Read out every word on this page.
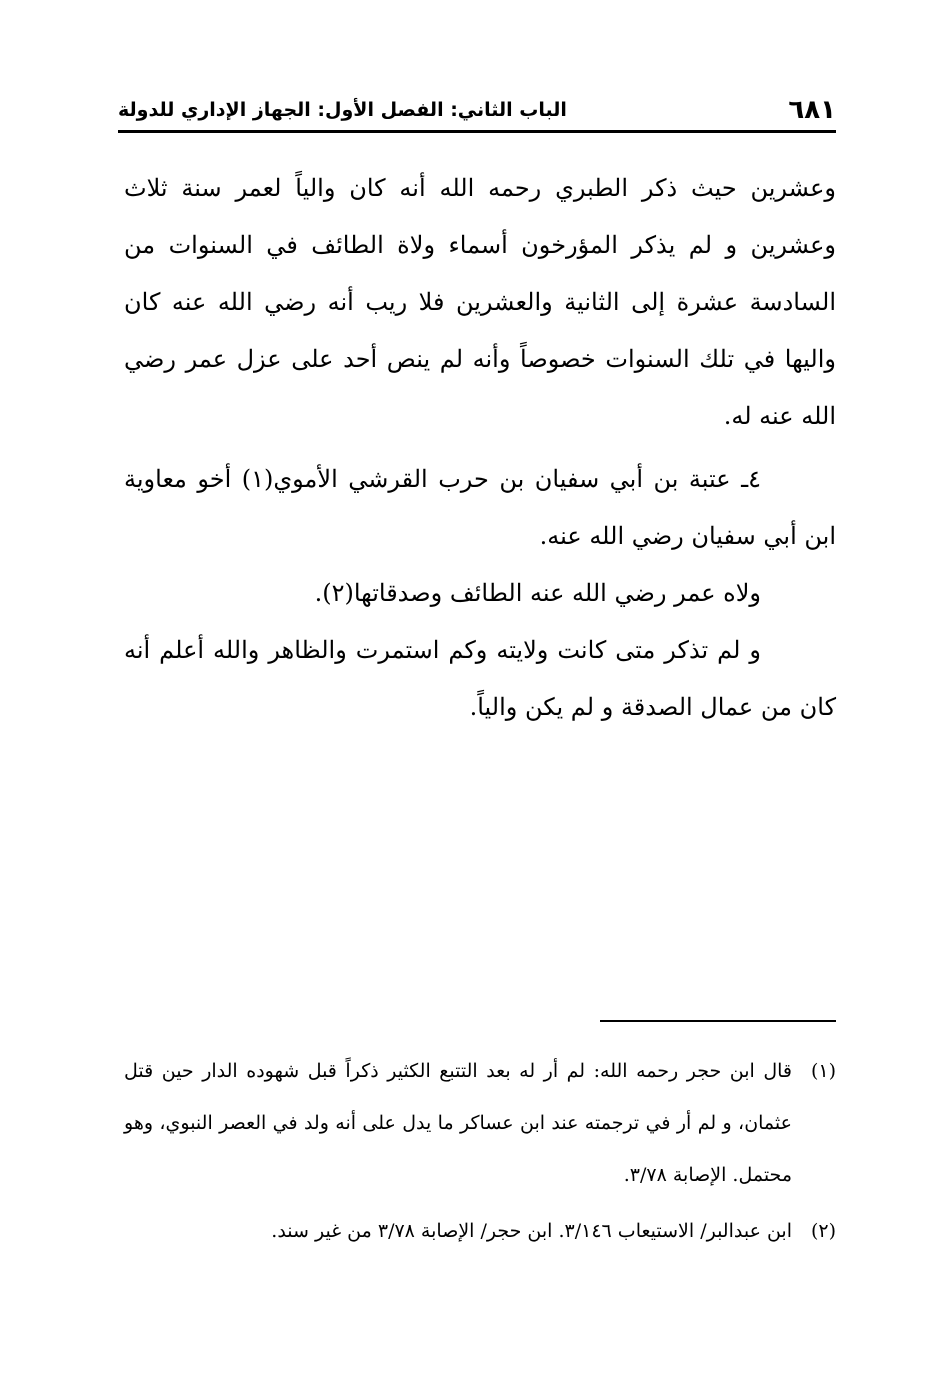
٦٨١
الباب الثاني: الفصل الأول: الجهاز الإداري للدولة

وعشرين حيث ذكر الطبري رحمه الله أنه كان والياً لعمر سنة ثلاث وعشرين و لم يذكر المؤرخون أسماء ولاة الطائف في السنوات من السادسة عشرة إلى الثانية والعشرين فلا ريب أنه رضي الله عنه كان واليها في تلك السنوات خصوصاً وأنه لم ينص أحد على عزل عمر رضي الله عنه له.

٤ـ عتبة بن أبي سفيان بن حرب القرشي الأموي(١) أخو معاوية ابن أبي سفيان رضي الله عنه.

ولاه عمر رضي الله عنه الطائف وصدقاتها(٢).

و لم تذكر متى كانت ولايته وكم استمرت والظاهر والله أعلم أنه كان من عمال الصدقة و لم يكن والياً.

(١)
قال ابن حجر رحمه الله: لم أر له بعد التتبع الكثير ذكراً قبل شهوده الدار حين قتل عثمان، و لم أر في ترجمته عند ابن عساكر ما يدل على أنه ولد في العصر النبوي، وهو محتمل. الإصابة ٣/٧٨.

(٢)
ابن عبدالبر/ الاستيعاب ٣/١٤٦. ابن حجر/ الإصابة ٣/٧٨ من غير سند.
